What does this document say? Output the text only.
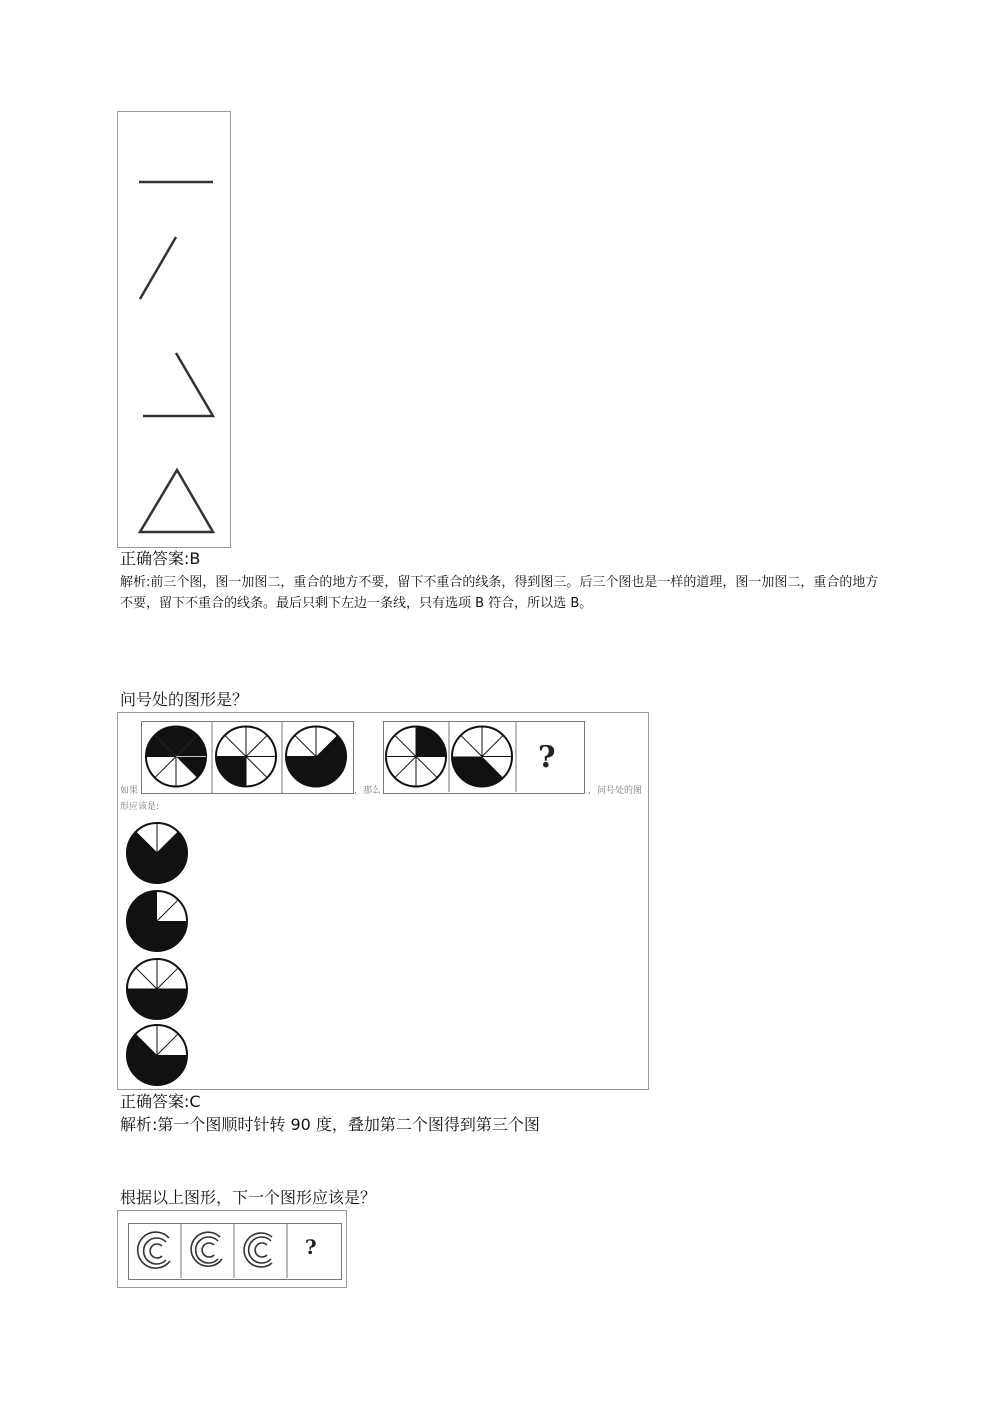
正确答案:B
解析:前三个图，图一加图二，重合的地方不要，留下不重合的线条，得到图三。后三个图也是一样的道理，图一加图二，重合的地方不要，留下不重合的线条。最后只剩下左边一条线，只有选项 B 符合，所以选 B。
问号处的图形是？
?
如果	，那么	，问号处的图
形应该是:
正确答案:C
解析:第一个图顺时针转 90 度，叠加第二个图得到第三个图
根据以上图形，下一个图形应该是？
?
